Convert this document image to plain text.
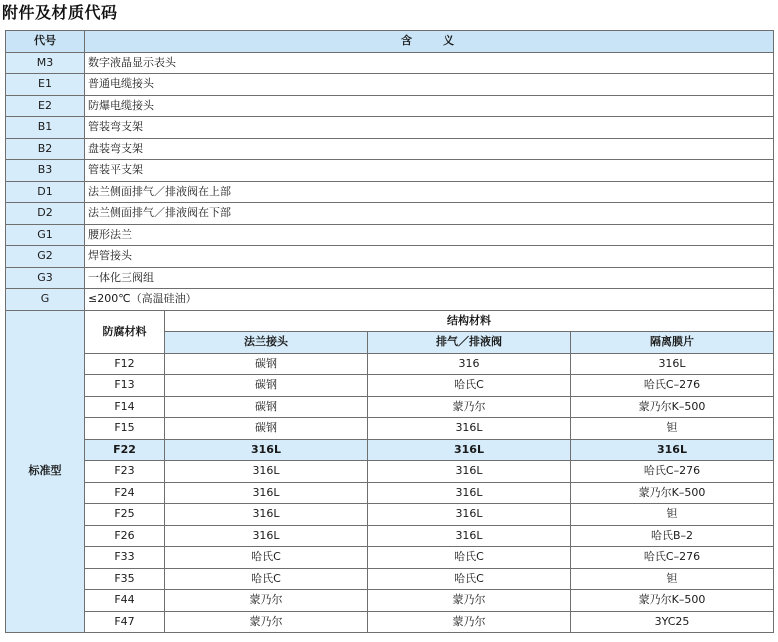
附件及材质代码
代号	含　　义			
M3	数字液晶显示表头			
E1	普通电缆接头			
E2	防爆电缆接头			
B1	管装弯支架			
B2	盘装弯支架			
B3	管装平支架			
D1	法兰侧面排气／排液阀在上部			
D2	法兰侧面排气／排液阀在下部			
G1	腰形法兰			
G2	焊管接头			
G3	一体化三阀组			
G	≤200℃（高温硅油）			
标准型	防腐材料	结构材料		
		法兰接头	排气／排液阀	隔离膜片
	F12	碳钢	316	316L
	F13	碳钢	哈氏C	哈氏C–276
	F14	碳钢	蒙乃尔	蒙乃尔K–500
	F15	碳钢	316L	钽
	F22	316L	316L	316L
	F23	316L	316L	哈氏C–276
	F24	316L	316L	蒙乃尔K–500
	F25	316L	316L	钽
	F26	316L	316L	哈氏B–2
	F33	哈氏C	哈氏C	哈氏C–276
	F35	哈氏C	哈氏C	钽
	F44	蒙乃尔	蒙乃尔	蒙乃尔K–500
	F47	蒙乃尔	蒙乃尔	3YC25
